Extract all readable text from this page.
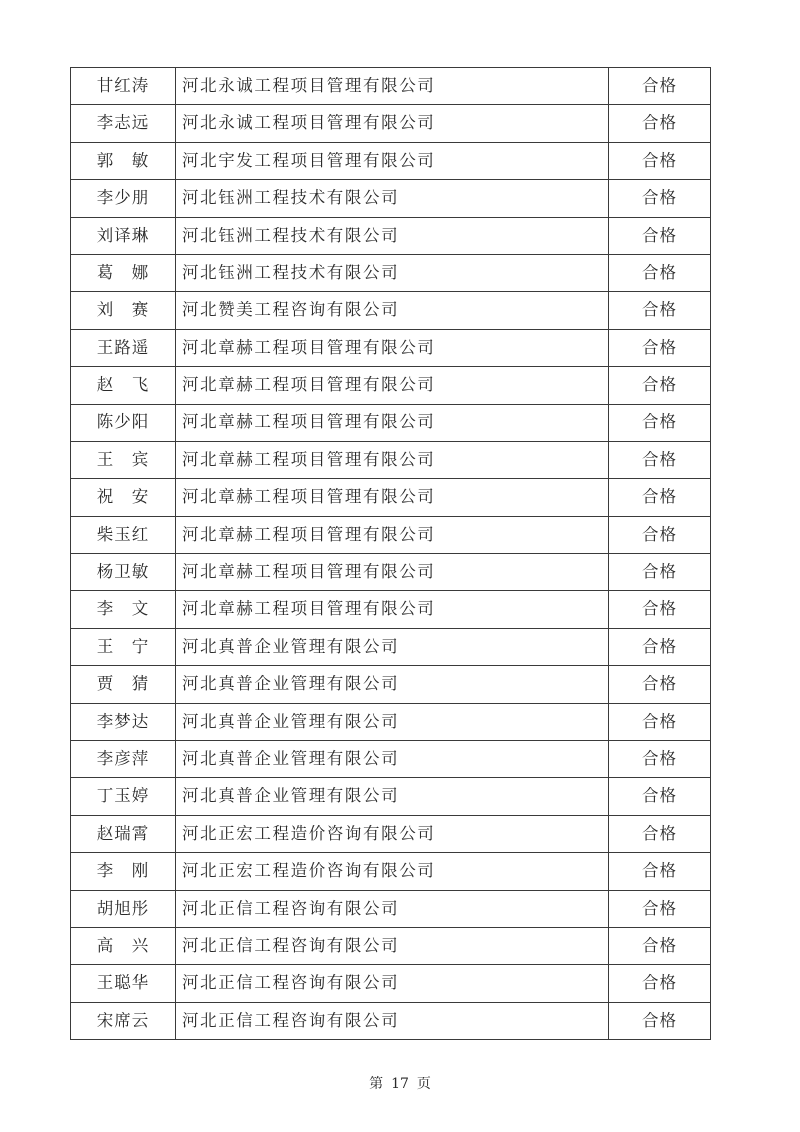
甘红涛	河北永诚工程项目管理有限公司	合格
李志远	河北永诚工程项目管理有限公司	合格
郭　敏	河北宇发工程项目管理有限公司	合格
李少朋	河北钰洲工程技术有限公司	合格
刘译琳	河北钰洲工程技术有限公司	合格
葛　娜	河北钰洲工程技术有限公司	合格
刘　赛	河北赞美工程咨询有限公司	合格
王路遥	河北章赫工程项目管理有限公司	合格
赵　飞	河北章赫工程项目管理有限公司	合格
陈少阳	河北章赫工程项目管理有限公司	合格
王　宾	河北章赫工程项目管理有限公司	合格
祝　安	河北章赫工程项目管理有限公司	合格
柴玉红	河北章赫工程项目管理有限公司	合格
杨卫敏	河北章赫工程项目管理有限公司	合格
李　文	河北章赫工程项目管理有限公司	合格
王　宁	河北真普企业管理有限公司	合格
贾　猜	河北真普企业管理有限公司	合格
李梦达	河北真普企业管理有限公司	合格
李彦萍	河北真普企业管理有限公司	合格
丁玉婷	河北真普企业管理有限公司	合格
赵瑞霄	河北正宏工程造价咨询有限公司	合格
李　刚	河北正宏工程造价咨询有限公司	合格
胡旭彤	河北正信工程咨询有限公司	合格
高　兴	河北正信工程咨询有限公司	合格
王聪华	河北正信工程咨询有限公司	合格
宋席云	河北正信工程咨询有限公司	合格
第 17 页
